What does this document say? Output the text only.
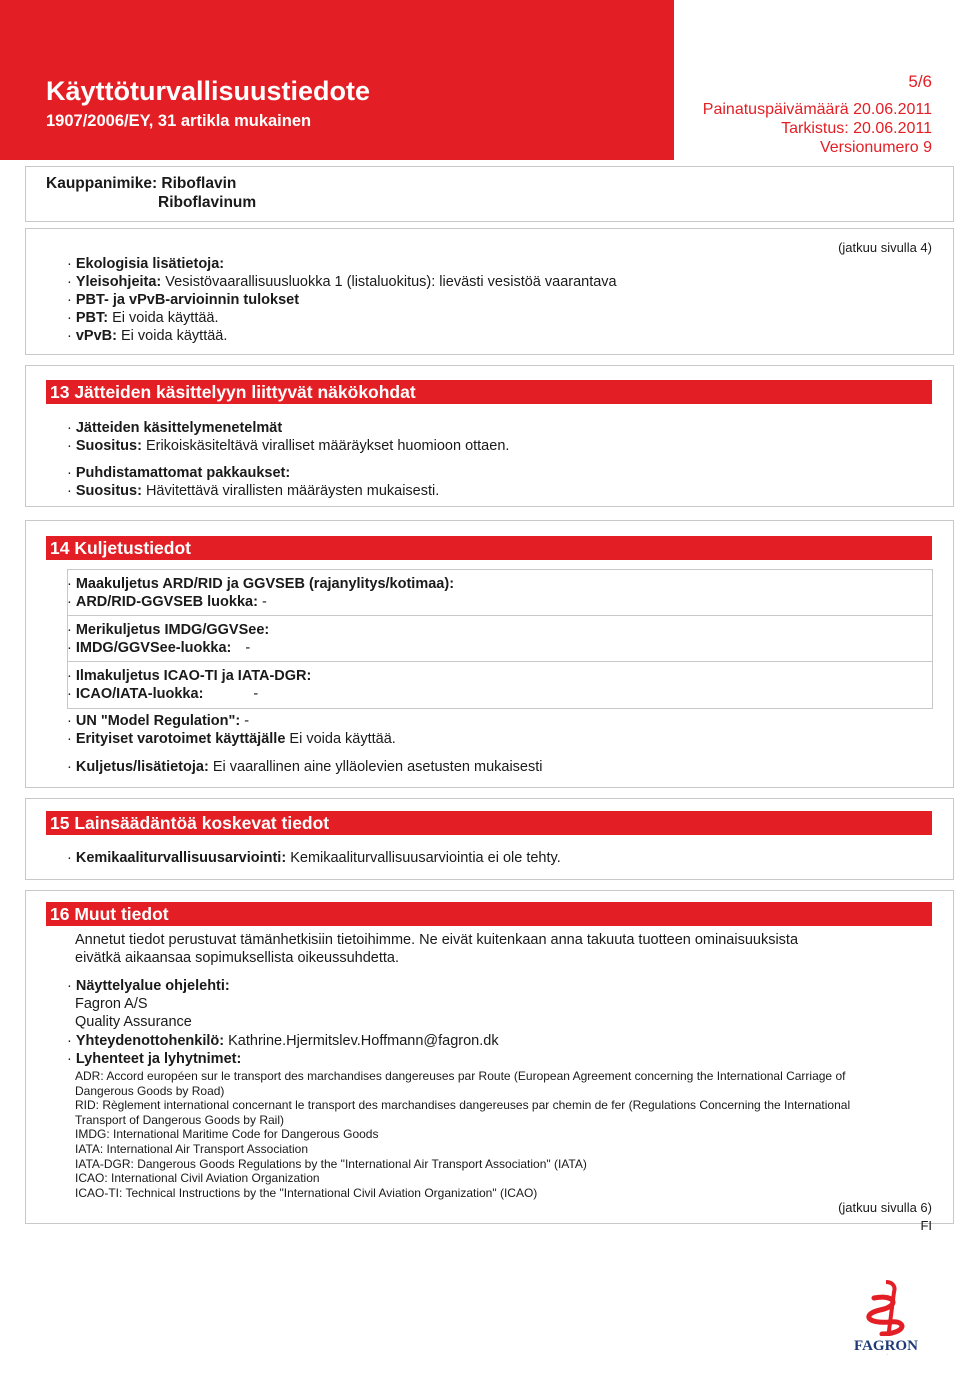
Käyttöturvallisuustiedote
1907/2006/EY, 31 artikla mukainen
Sivu: 5/6
Painatuspäivämäärä 20.06.2011
Tarkistus: 20.06.2011
Versionumero 9
Kauppanimike: Riboflavin
Riboflavinum
(jatkuu sivulla 4)
· Ekologisia lisätietoja:
· Yleisohjeita: Vesistövaarallisuusluokka 1 (listaluokitus): lievästi vesistöä vaarantava
· PBT- ja vPvB-arvioinnin tulokset
· PBT: Ei voida käyttää.
· vPvB: Ei voida käyttää.
13 Jätteiden käsittelyyn liittyvät näkökohdat
· Jätteiden käsittelymenetelmät
· Suositus: Erikoiskäsiteltävä viralliset määräykset huomioon ottaen.
· Puhdistamattomat pakkaukset:
· Suositus: Hävitettävä virallisten määräysten mukaisesti.
14 Kuljetustiedot
· Maakuljetus ARD/RID ja GGVSEB (rajanylitys/kotimaa):
· ARD/RID-GGVSEB luokka: -
· Merikuljetus IMDG/GGVSee:
· IMDG/GGVSee-luokka: -
· Ilmakuljetus ICAO-TI ja IATA-DGR:
· ICAO/IATA-luokka:	-
· UN "Model Regulation": -
· Erityiset varotoimet käyttäjälle Ei voida käyttää.
· Kuljetus/lisätietoja: Ei vaarallinen aine ylläolevien asetusten mukaisesti
15 Lainsäädäntöä koskevat tiedot
· Kemikaaliturvallisuusarviointi: Kemikaaliturvallisuusarviointia ei ole tehty.
16 Muut tiedot
Annetut tiedot perustuvat tämänhetkisiin tietoihimme. Ne eivät kuitenkaan anna takuuta tuotteen ominaisuuksista
eivätkä aikaansaa sopimuksellista oikeussuhdetta.
· Näyttelyalue ohjelehti:
Fagron A/S
Quality Assurance
· Yhteydenottohenkilö: Kathrine.Hjermitslev.Hoffmann@fagron.dk
· Lyhenteet ja lyhytnimet:
ADR: Accord européen sur le transport des marchandises dangereuses par Route (European Agreement concerning the International Carriage of
Dangerous Goods by Road)
RID: Règlement international concernant le transport des marchandises dangereuses par chemin de fer (Regulations Concerning the International
Transport of Dangerous Goods by Rail)
IMDG: International Maritime Code for Dangerous Goods
IATA: International Air Transport Association
IATA-DGR: Dangerous Goods Regulations by the "International Air Transport Association" (IATA)
ICAO: International Civil Aviation Organization
ICAO-TI: Technical Instructions by the "International Civil Aviation Organization" (ICAO)
(jatkuu sivulla 6)
FI
FAGRON
